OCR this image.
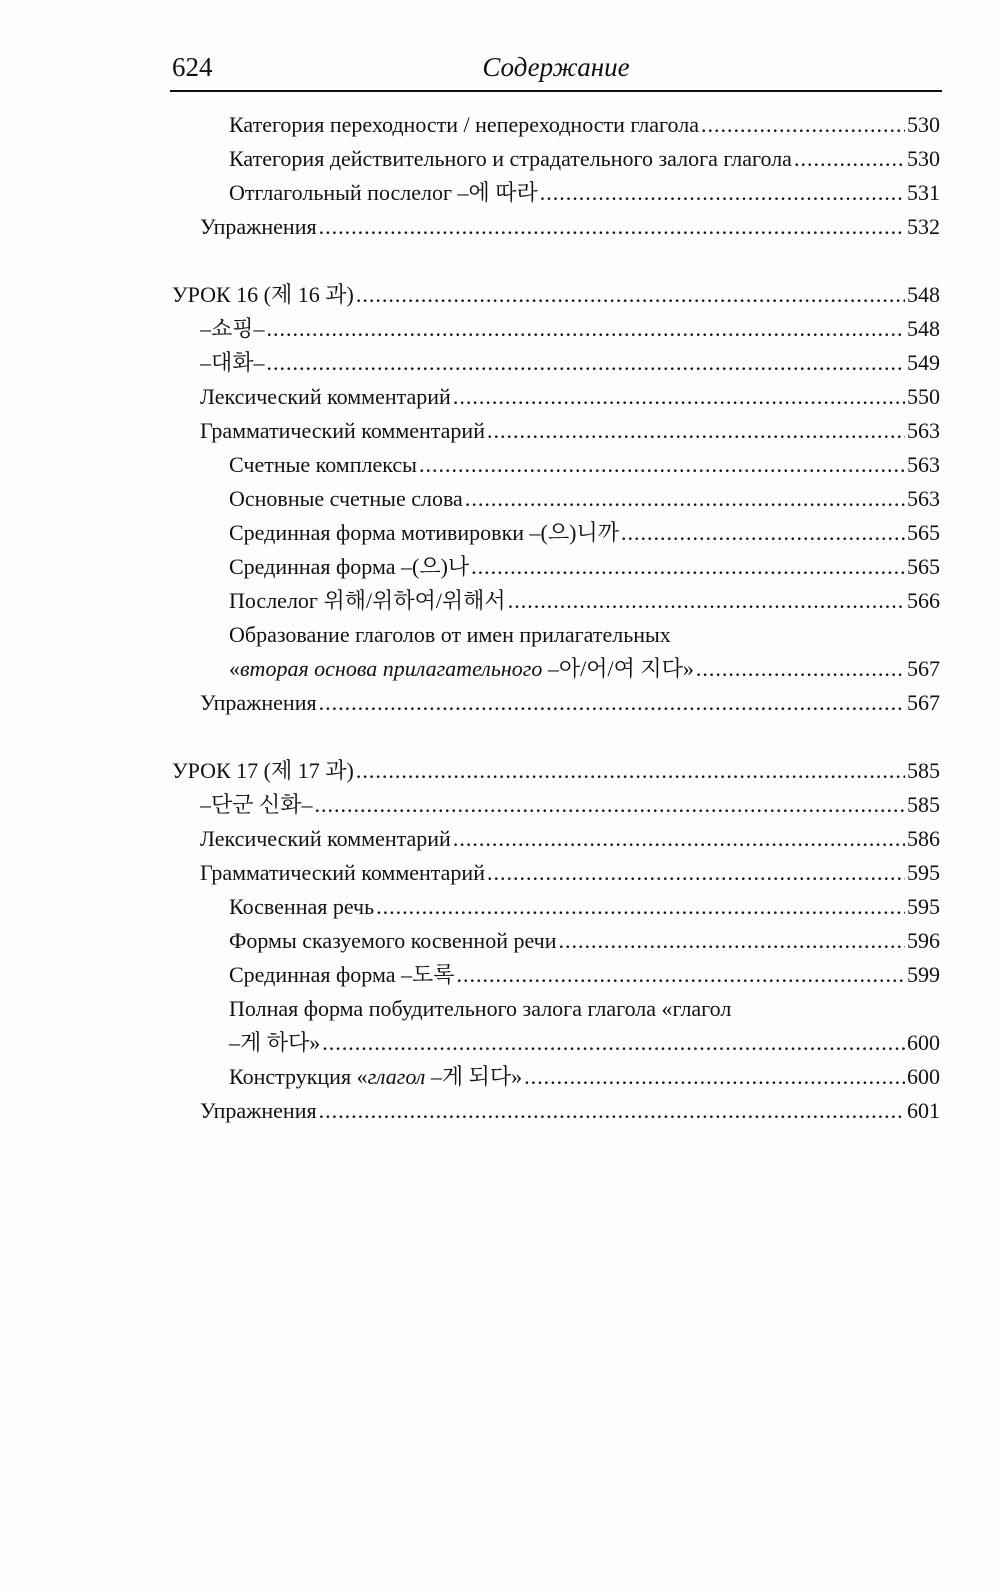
624	Содержание
Категория переходности / непереходности глагола .....	530
Категория действительного и страдательного залога глагола .....	530
Отглагольный послелог –에 따라 .....	531
Упражнения .....	532
УРОК 16 (제 16 과) .....	548
–쇼핑– .....	548
–대화– .....	549
Лексический комментарий .....	550
Грамматический комментарий .....	563
Счетные комплексы .....	563
Основные счетные слова .....	563
Срединная форма мотивировки –(으)니까 .....	565
Срединная форма –(으)나 .....	565
Послелог 위해/위하여/위해서 .....	566
Образование глаголов от имен прилагательных
«вторая основа прилагательного –아/어/여 지다» .....	567
Упражнения .....	567
УРОК 17 (제 17 과) .....	585
–단군 신화– .....	585
Лексический комментарий .....	586
Грамматический комментарий .....	595
Косвенная речь .....	595
Формы сказуемого косвенной речи .....	596
Срединная форма –도록 .....	599
Полная форма побудительного залога глагола «глагол
–게 하다» .....	600
Конструкция «глагол –게 되다» .....	600
Упражнения .....	601
